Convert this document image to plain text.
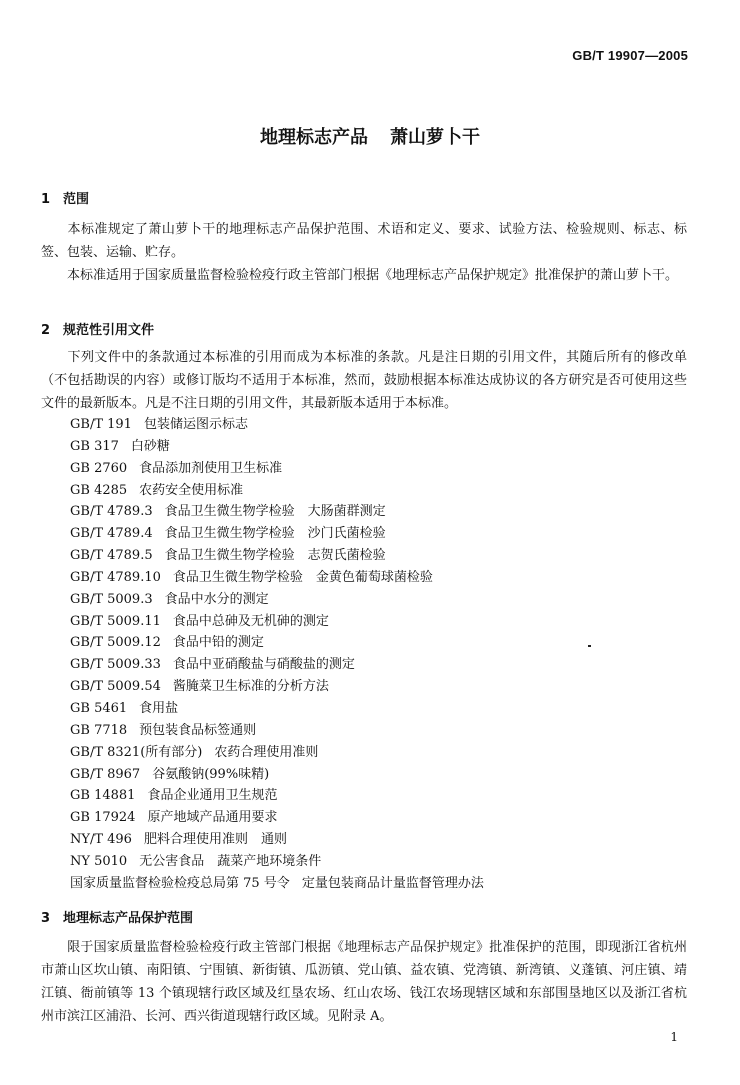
GB/T 19907—2005
地理标志产品 萧山萝卜干
1 范围
本标准规定了萧山萝卜干的地理标志产品保护范围、术语和定义、要求、试验方法、检验规则、标志、标签、包装、运输、贮存。
本标准适用于国家质量监督检验检疫行政主管部门根据《地理标志产品保护规定》批准保护的萧山萝卜干。
2 规范性引用文件
下列文件中的条款通过本标准的引用而成为本标准的条款。凡是注日期的引用文件，其随后所有的修改单（不包括勘误的内容）或修订版均不适用于本标准，然而，鼓励根据本标准达成协议的各方研究是否可使用这些文件的最新版本。凡是不注日期的引用文件，其最新版本适用于本标准。
GB/T 191 包装储运图示标志
GB 317 白砂糖
GB 2760 食品添加剂使用卫生标准
GB 4285 农药安全使用标准
GB/T 4789.3 食品卫生微生物学检验　大肠菌群测定
GB/T 4789.4 食品卫生微生物学检验　沙门氏菌检验
GB/T 4789.5 食品卫生微生物学检验　志贺氏菌检验
GB/T 4789.10 食品卫生微生物学检验　金黄色葡萄球菌检验
GB/T 5009.3 食品中水分的测定
GB/T 5009.11 食品中总砷及无机砷的测定
GB/T 5009.12 食品中铅的测定
GB/T 5009.33 食品中亚硝酸盐与硝酸盐的测定
GB/T 5009.54 酱腌菜卫生标准的分析方法
GB 5461 食用盐
GB 7718 预包装食品标签通则
GB/T 8321(所有部分) 农药合理使用准则
GB/T 8967 谷氨酸钠(99%味精)
GB 14881 食品企业通用卫生规范
GB 17924 原产地域产品通用要求
NY/T 496 肥料合理使用准则　通则
NY 5010 无公害食品　蔬菜产地环境条件
国家质量监督检验检疫总局第 75 号令 定量包装商品计量监督管理办法
3 地理标志产品保护范围
限于国家质量监督检验检疫行政主管部门根据《地理标志产品保护规定》批准保护的范围，即现浙江省杭州市萧山区坎山镇、南阳镇、宁围镇、新街镇、瓜沥镇、党山镇、益农镇、党湾镇、新湾镇、义蓬镇、河庄镇、靖江镇、衙前镇等 13 个镇现辖行政区域及红垦农场、红山农场、钱江农场现辖区域和东部围垦地区以及浙江省杭州市滨江区浦沿、长河、西兴街道现辖行政区域。见附录 A。
1
